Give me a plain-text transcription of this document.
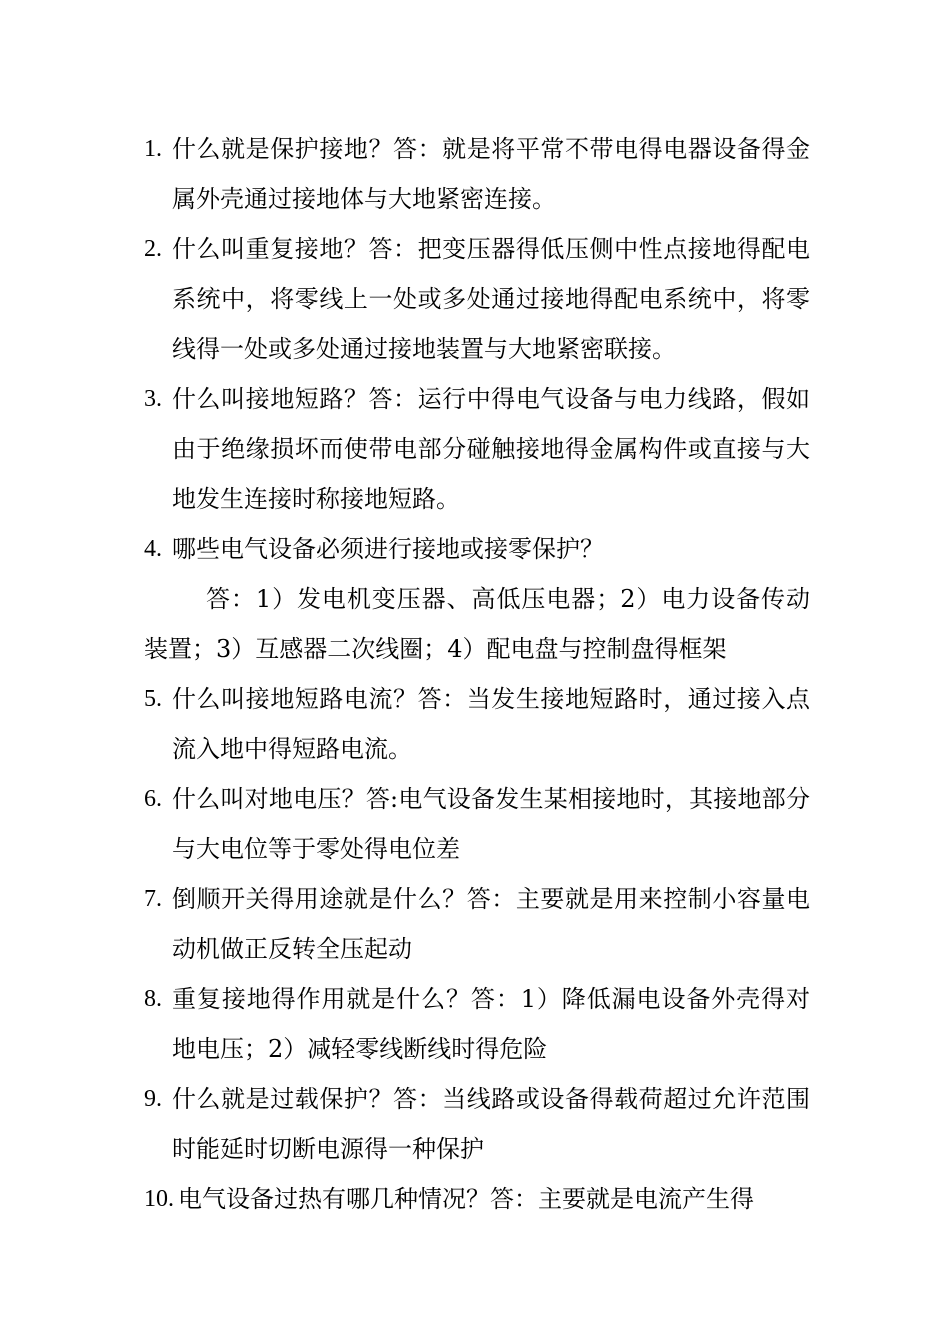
1. 什么就是保护接地？答：就是将平常不带电得电器设备得金属外壳通过接地体与大地紧密连接。
2. 什么叫重复接地？答：把变压器得低压侧中性点接地得配电系统中，将零线上一处或多处通过接地得配电系统中，将零线得一处或多处通过接地装置与大地紧密联接。
3. 什么叫接地短路？答：运行中得电气设备与电力线路，假如由于绝缘损坏而使带电部分碰触接地得金属构件或直接与大地发生连接时称接地短路。
4. 哪些电气设备必须进行接地或接零保护？
答：1）发电机变压器、高低压电器；2）电力设备传动装置；3）互感器二次线圈；4）配电盘与控制盘得框架
5. 什么叫接地短路电流？答：当发生接地短路时，通过接入点流入地中得短路电流。
6. 什么叫对地电压？答:电气设备发生某相接地时，其接地部分与大电位等于零处得电位差
7. 倒顺开关得用途就是什么？答：主要就是用来控制小容量电动机做正反转全压起动
8. 重复接地得作用就是什么？答：1）降低漏电设备外壳得对地电压；2）减轻零线断线时得危险
9. 什么就是过载保护？答：当线路或设备得载荷超过允许范围时能延时切断电源得一种保护
10. 电气设备过热有哪几种情况？答：主要就是电流产生得
